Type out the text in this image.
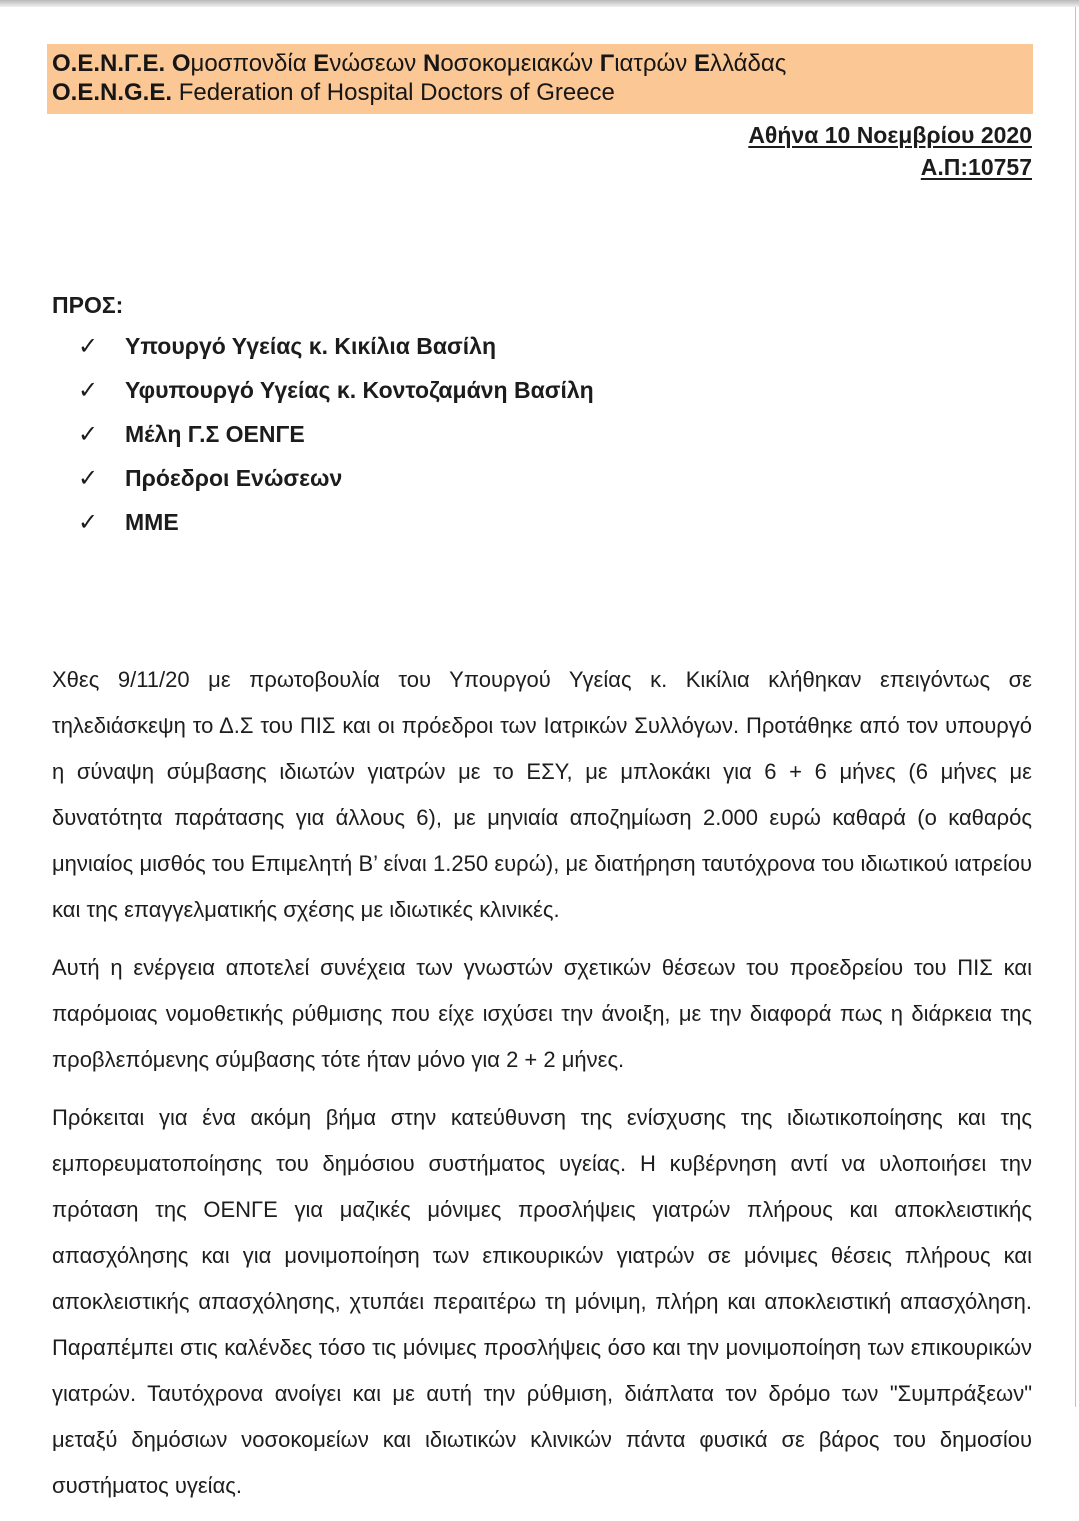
Ο.Ε.Ν.Γ.Ε. Ομοσπονδία Ενώσεων Νοσοκομειακών Γιατρών Ελλάδας
O.E.N.G.E. Federation of Hospital Doctors of Greece
Αθήνα 10 Νοεμβρίου 2020
Α.Π:10757
ΠΡΟΣ:
✓	Υπουργό Υγείας κ. Κικίλια Βασίλη
✓	Υφυπουργό Υγείας κ. Κοντοζαμάνη Βασίλη
✓	Μέλη Γ.Σ ΟΕΝΓΕ
✓	Πρόεδροι Ενώσεων
✓	ΜΜΕ

Χθες 9/11/20 με πρωτοβουλία του Υπουργού Υγείας κ. Κικίλια κλήθηκαν επειγόντως σε τηλεδιάσκεψη το Δ.Σ του ΠΙΣ και οι πρόεδροι των Ιατρικών Συλλόγων. Προτάθηκε από τον υπουργό η σύναψη σύμβασης ιδιωτών γιατρών με το ΕΣΥ, με μπλοκάκι για 6 + 6 μήνες (6 μήνες με δυνατότητα παράτασης για άλλους 6), με μηνιαία αποζημίωση 2.000 ευρώ καθαρά (ο καθαρός μηνιαίος μισθός του Επιμελητή Β’ είναι 1.250 ευρώ), με διατήρηση ταυτόχρονα του ιδιωτικού ιατρείου και της επαγγελματικής σχέσης με ιδιωτικές κλινικές.

Αυτή η ενέργεια αποτελεί συνέχεια των γνωστών σχετικών θέσεων του προεδρείου του ΠΙΣ και παρόμοιας νομοθετικής ρύθμισης που είχε ισχύσει την άνοιξη, με την διαφορά πως η διάρκεια της προβλεπόμενης σύμβασης τότε ήταν μόνο για 2 + 2 μήνες.

Πρόκειται για ένα ακόμη βήμα στην κατεύθυνση της ενίσχυσης της ιδιωτικοποίησης και της εμπορευματοποίησης του δημόσιου συστήματος υγείας. Η κυβέρνηση αντί να υλοποιήσει την πρόταση της ΟΕΝΓΕ για μαζικές μόνιμες προσλήψεις γιατρών πλήρους και αποκλειστικής απασχόλησης και για μονιμοποίηση των επικουρικών γιατρών σε μόνιμες θέσεις πλήρους και αποκλειστικής απασχόλησης, χτυπάει περαιτέρω τη μόνιμη, πλήρη και αποκλειστική απασχόληση. Παραπέμπει στις καλένδες τόσο τις μόνιμες προσλήψεις όσο και την μονιμοποίηση των επικουρικών γιατρών. Ταυτόχρονα ανοίγει και με αυτή την ρύθμιση, διάπλατα τον δρόμο των "Συμπράξεων" μεταξύ δημόσιων νοσοκομείων και ιδιωτικών κλινικών πάντα φυσικά σε βάρος του δημοσίου συστήματος υγείας.
